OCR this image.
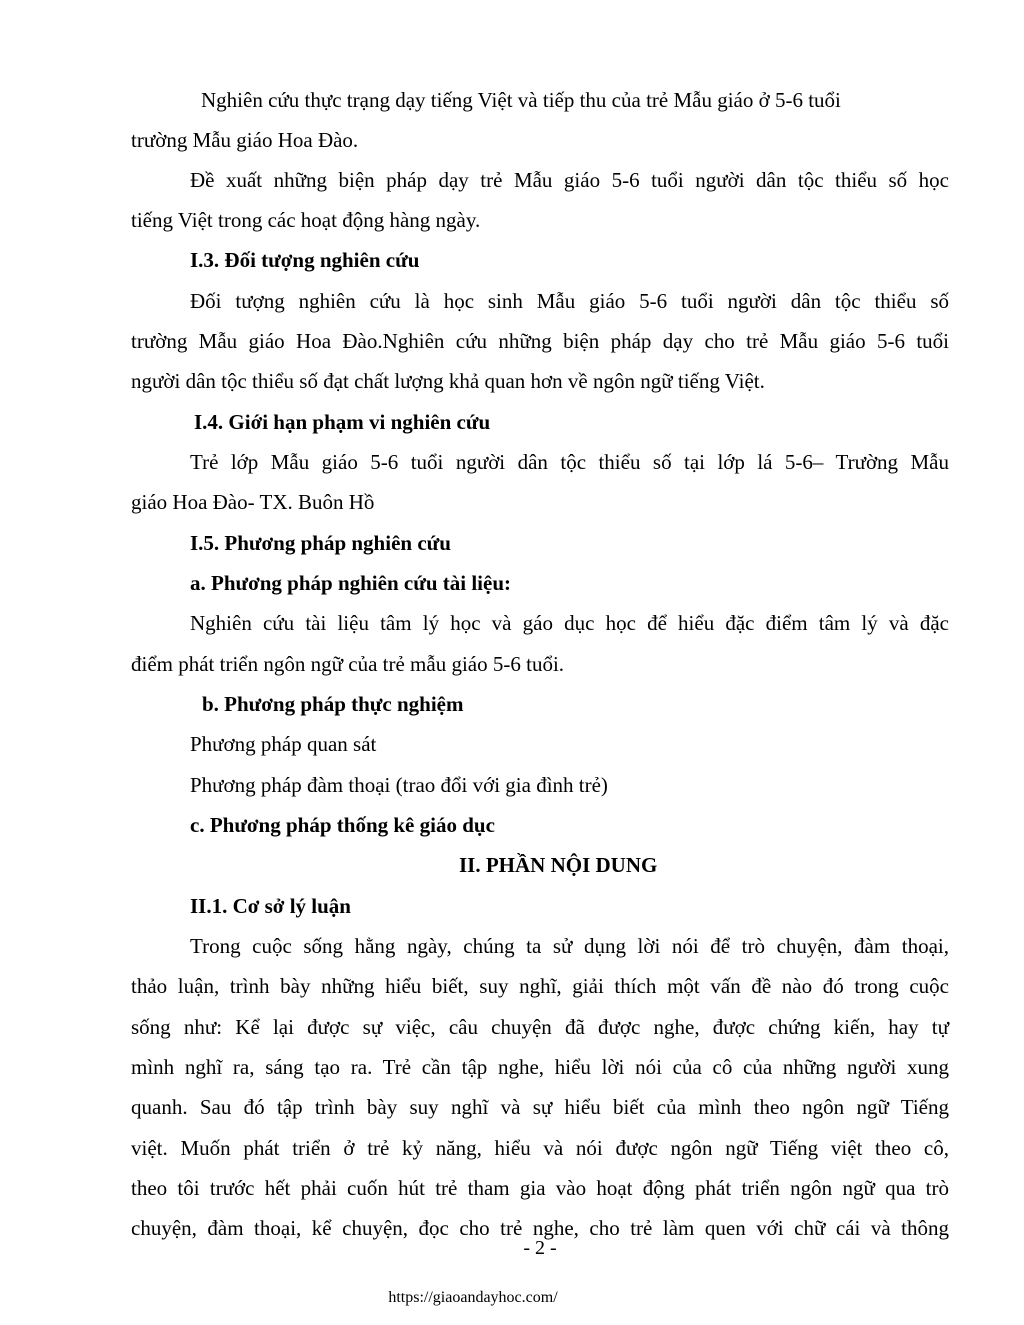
Nghiên cứu thực trạng dạy tiếng Việt và tiếp thu của trẻ Mẫu giáo ở 5-6 tuổi
trường Mẫu giáo Hoa Đào.
Đề xuất những biện pháp dạy trẻ Mẫu giáo 5-6 tuổi người dân tộc thiểu số học
tiếng Việt trong các hoạt động hàng ngày.
I.3. Đối tượng nghiên cứu
Đối tượng nghiên cứu là học sinh Mẫu giáo 5-6 tuổi người dân tộc thiểu số
trường Mẫu giáo Hoa Đào.Nghiên cứu những biện pháp dạy cho trẻ Mẫu giáo 5-6 tuổi
người dân tộc thiểu số đạt chất lượng khả quan hơn về ngôn ngữ tiếng Việt.
I.4. Giới hạn phạm vi nghiên cứu
Trẻ lớp Mẫu giáo 5-6 tuổi người dân tộc thiểu số tại lớp lá 5-6– Trường Mẫu
giáo Hoa Đào- TX. Buôn Hồ
I.5. Phương pháp nghiên cứu
a. Phương pháp nghiên cứu tài liệu:
Nghiên cứu tài liệu tâm lý học và gáo dục học để hiểu đặc điểm tâm lý và đặc
điểm phát triển ngôn ngữ của trẻ mẫu giáo 5-6 tuổi.
b. Phương pháp thực nghiệm
Phương pháp quan sát
Phương pháp đàm thoại (trao đổi với gia đình trẻ)
c. Phương pháp thống kê giáo dục
II. PHẦN NỘI DUNG
II.1. Cơ sở lý luận
Trong cuộc sống hằng ngày, chúng ta sử dụng lời nói để trò chuyện, đàm thoại,
thảo luận, trình bày những hiểu biết, suy nghĩ, giải thích một vấn đề nào đó trong cuộc
sống như: Kể lại được sự việc, câu chuyện đã được nghe, được chứng kiến, hay tự
mình nghĩ ra, sáng tạo ra. Trẻ cần tập nghe, hiểu lời nói của cô của những người xung
quanh. Sau đó tập trình bày suy nghĩ và sự hiểu biết của mình theo ngôn ngữ Tiếng
việt. Muốn phát triển ở trẻ kỷ năng, hiểu và nói được ngôn ngữ Tiếng việt theo cô,
theo tôi trước hết phải cuốn hút trẻ tham gia vào hoạt động phát triển ngôn ngữ qua trò
chuyện, đàm thoại, kể chuyện, đọc cho trẻ nghe, cho trẻ làm quen với chữ cái và thông
- 2 -
https://giaoandayhoc.com/
